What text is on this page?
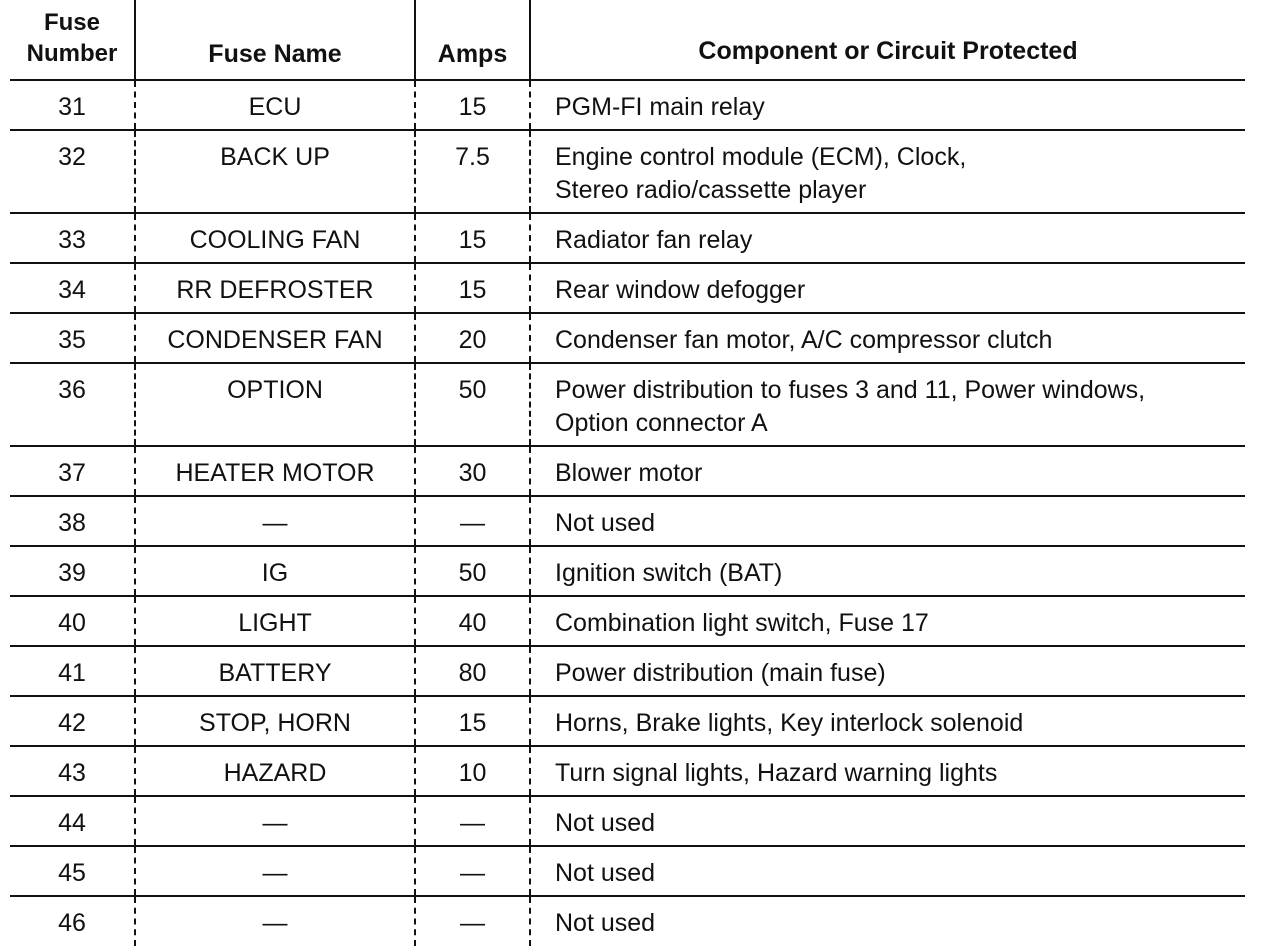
Fuse Number	Fuse Name	Amps	Component or Circuit Protected
31	ECU	15	PGM-FI main relay

32	BACK UP	7.5	Engine control module (ECM), Clock,
Stereo radio/cassette player

33	COOLING FAN	15	Radiator fan relay

34	RR DEFROSTER	15	Rear window defogger

35	CONDENSER FAN	20	Condenser fan motor, A/C compressor clutch

36	OPTION	50	Power distribution to fuses 3 and 11, Power windows,
Option connector A

37	HEATER MOTOR	30	Blower motor

38	—	—	Not used

39	IG	50	Ignition switch (BAT)

40	LIGHT	40	Combination light switch, Fuse 17

41	BATTERY	80	Power distribution (main fuse)

42	STOP, HORN	15	Horns, Brake lights, Key interlock solenoid

43	HAZARD	10	Turn signal lights, Hazard warning lights

44	—	—	Not used

45	—	—	Not used

46	—	—	Not used
